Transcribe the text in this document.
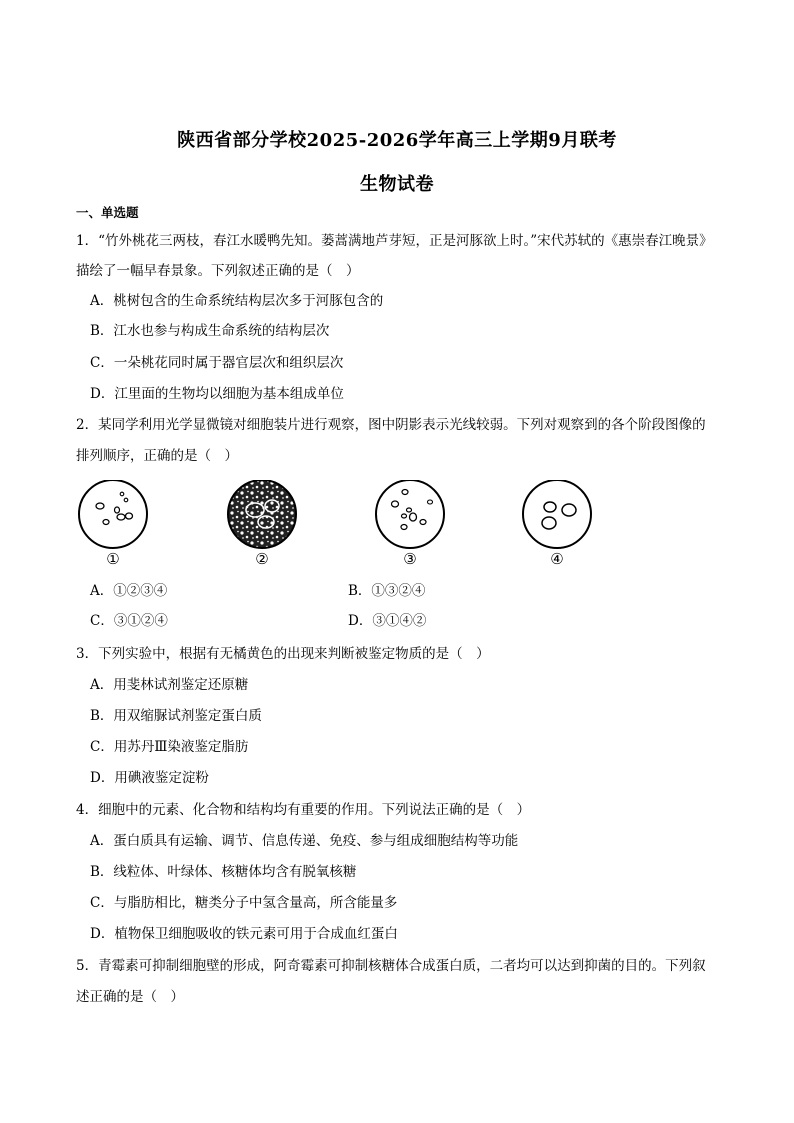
陕西省部分学校2025-2026学年高三上学期9月联考
生物试卷
一、单选题
1．“竹外桃花三两枝，春江水暖鸭先知。蒌蒿满地芦芽短，正是河豚欲上时。”宋代苏轼的《惠崇春江晚景》
描绘了一幅早春景象。下列叙述正确的是（　）
A．桃树包含的生命系统结构层次多于河豚包含的
B．江水也参与构成生命系统的结构层次
C．一朵桃花同时属于器官层次和组织层次
D．江里面的生物均以细胞为基本组成单位
2．某同学利用光学显微镜对细胞装片进行观察，图中阴影表示光线较弱。下列对观察到的各个阶段图像的
排列顺序，正确的是（　）
①	②	③	④
A．①②③④	B．①③②④
C．③①②④	D．③①④②
3．下列实验中，根据有无橘黄色的出现来判断被鉴定物质的是（　）
A．用斐林试剂鉴定还原糖
B．用双缩脲试剂鉴定蛋白质
C．用苏丹Ⅲ染液鉴定脂肪
D．用碘液鉴定淀粉
4．细胞中的元素、化合物和结构均有重要的作用。下列说法正确的是（　）
A．蛋白质具有运输、调节、信息传递、免疫、参与组成细胞结构等功能
B．线粒体、叶绿体、核糖体均含有脱氧核糖
C．与脂肪相比，糖类分子中氢含量高，所含能量多
D．植物保卫细胞吸收的铁元素可用于合成血红蛋白
5．青霉素可抑制细胞壁的形成，阿奇霉素可抑制核糖体合成蛋白质，二者均可以达到抑菌的目的。下列叙
述正确的是（　）
